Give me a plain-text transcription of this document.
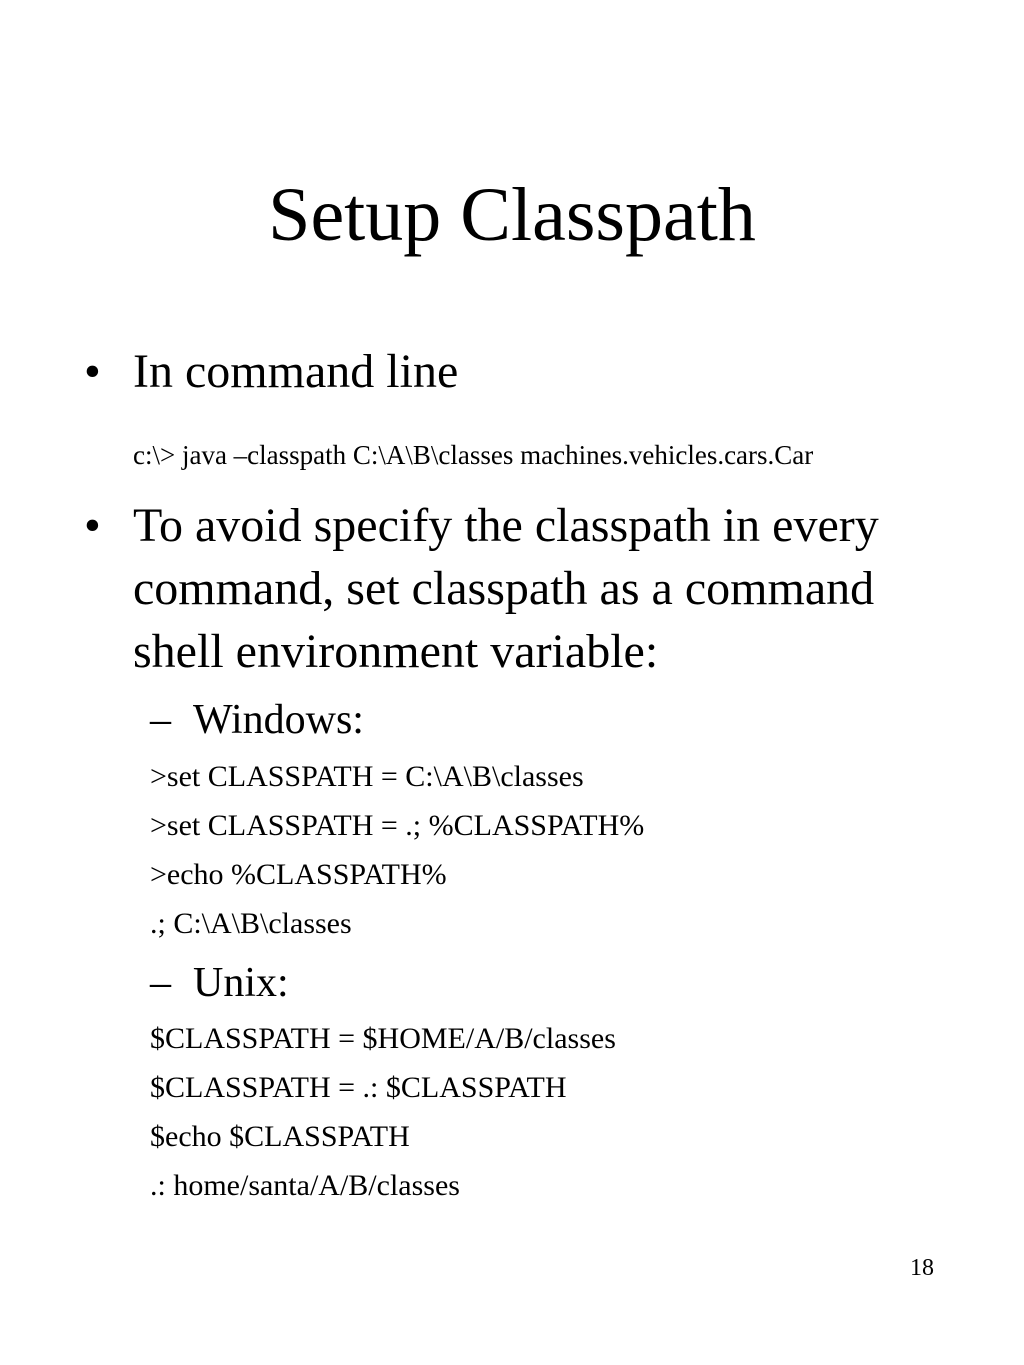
Setup Classpath
• In command line
c:\> java –classpath C:\A\B\classes machines.vehicles.cars.Car
• To avoid specify the classpath in every
command, set classpath as a command
shell environment variable:
– Windows:
>set CLASSPATH = C:\A\B\classes
>set CLASSPATH = .; %CLASSPATH%
>echo %CLASSPATH%
.; C:\A\B\classes
– Unix:
$CLASSPATH = $HOME/A/B/classes
$CLASSPATH = .: $CLASSPATH
$echo $CLASSPATH
.: home/santa/A/B/classes
18
